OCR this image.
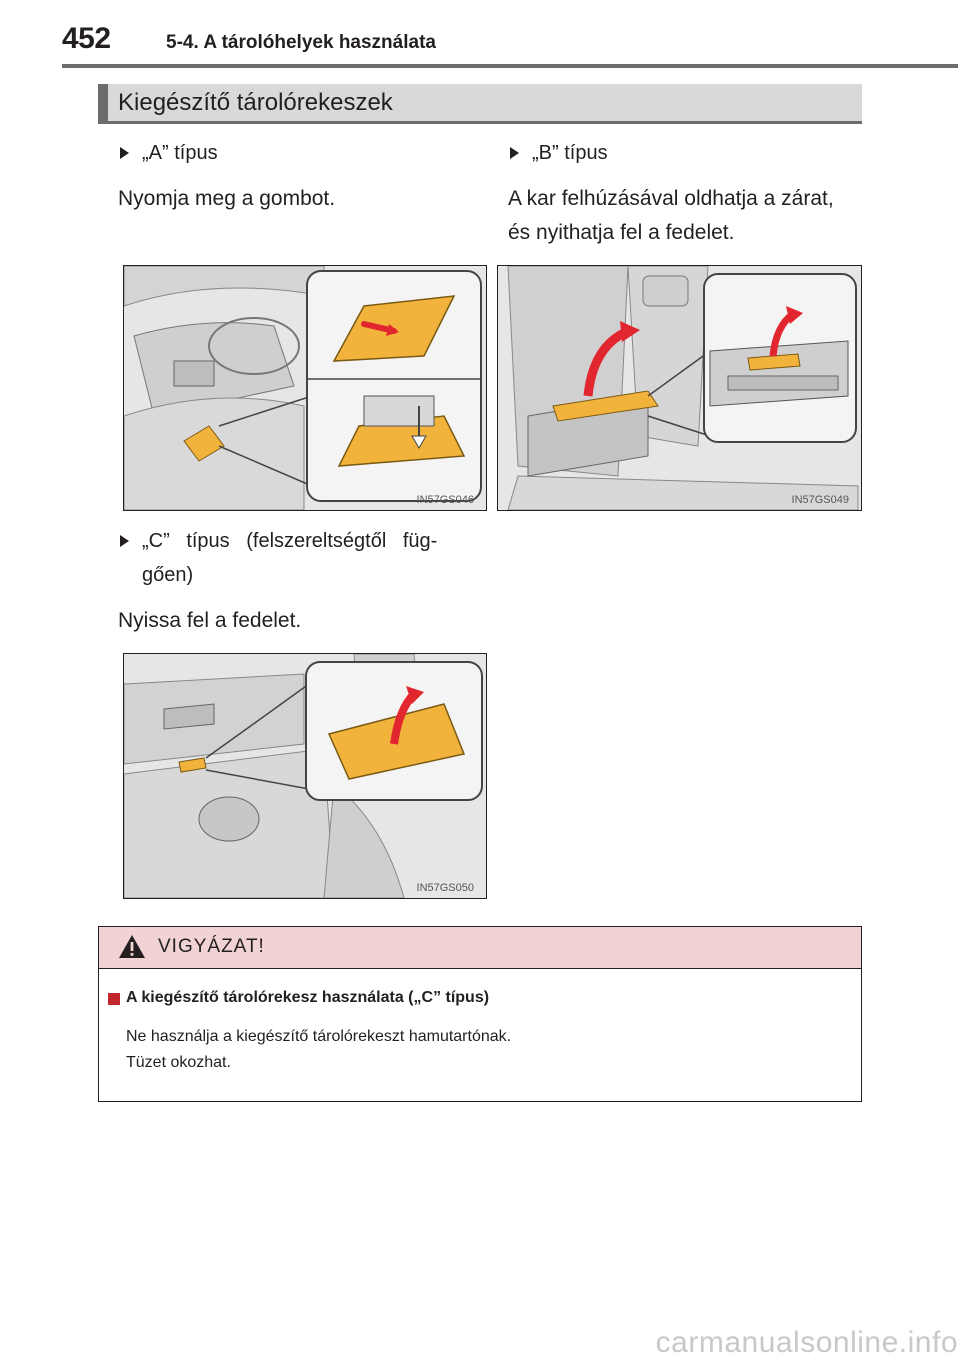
452	5-4. A tárolóhelyek használata
Kiegészítő tárolórekeszek
„A” típus
Nyomja meg a gombot.
„B” típus
A kar felhúzásával oldhatja a zárat,
és nyithatja fel a fedelet.
IN57GS046	IN57GS049
„C” típus (felszereltségtől füg-
gően)
Nyissa fel a fedelet.
IN57GS050
VIGYÁZAT!
A kiegészítő tárolórekesz használata („C” típus)
Ne használja a kiegészítő tárolórekeszt hamutartónak.
Tüzet okozhat.
carmanualsonline.info
